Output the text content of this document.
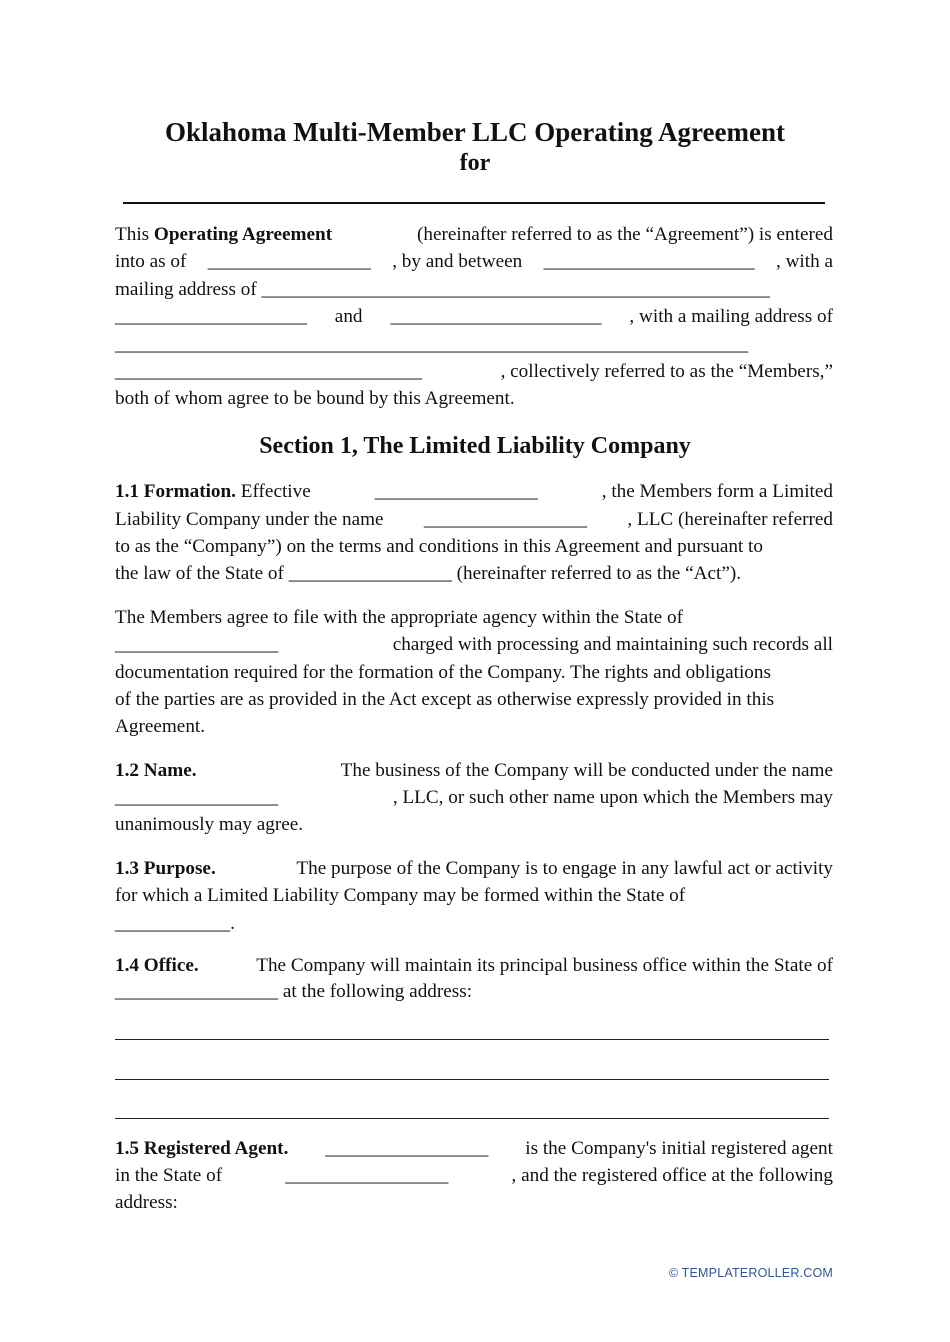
Oklahoma Multi-Member LLC Operating Agreement
for
This Operating Agreement	(hereinafter referred to as the “Agreement”) is entered
into as of _________________ , by and between ______________________ , with a
mailing address of _____________________________________________________
____________________ and ______________________ , with a mailing address of
__________________________________________________________________
________________________________	, collectively referred to as the “Members,”
both of whom agree to be bound by this Agreement.
Section 1, The Limited Liability Company
1.1 Formation. Effective	_________________	, the Members form a Limited
Liability Company under the name _________________ , LLC (hereinafter referred
to as the “Company”) on the terms and conditions in this Agreement and pursuant to
the law of the State of _________________ (hereinafter referred to as the “Act”).
The Members agree to file with the appropriate agency within the State of
_________________	charged with processing and maintaining such records all
documentation required for the formation of the Company. The rights and obligations
of the parties are as provided in the Act except as otherwise expressly provided in this
Agreement.
1.2 Name.	The business of the Company will be conducted under the name
_________________	, LLC, or such other name upon which the Members may
unanimously may agree.
1.3 Purpose.	The purpose of the Company is to engage in any lawful act or activity
for which a Limited Liability Company may be formed within the State of
____________.
1.4 Office.	The Company will maintain its principal business office within the State of
_________________ at the following address:
1.5 Registered Agent. _________________ is the Company's initial registered agent
in the State of	_________________	, and the registered office at the following
address:
© TEMPLATEROLLER.COM
